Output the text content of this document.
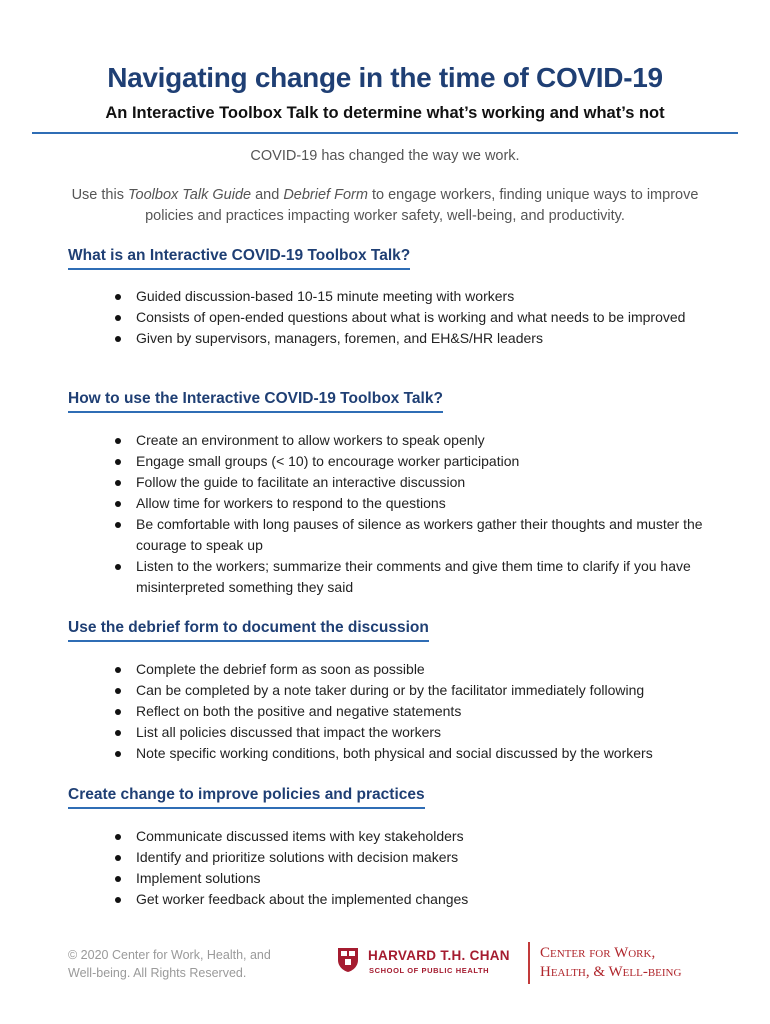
Navigating change in the time of COVID-19
An Interactive Toolbox Talk to determine what’s working and what’s not
COVID-19 has changed the way we work.
Use this Toolbox Talk Guide and Debrief Form to engage workers, finding unique ways to improve policies and practices impacting worker safety, well-being, and productivity.
What is an Interactive COVID-19 Toolbox Talk?
Guided discussion-based 10-15 minute meeting with workers
Consists of open-ended questions about what is working and what needs to be improved
Given by supervisors, managers, foremen, and EH&S/HR leaders
How to use the Interactive COVID-19 Toolbox Talk?
Create an environment to allow workers to speak openly
Engage small groups (< 10) to encourage worker participation
Follow the guide to facilitate an interactive discussion
Allow time for workers to respond to the questions
Be comfortable with long pauses of silence as workers gather their thoughts and muster the courage to speak up
Listen to the workers; summarize their comments and give them time to clarify if you have misinterpreted something they said
Use the debrief form to document the discussion
Complete the debrief form as soon as possible
Can be completed by a note taker during or by the facilitator immediately following
Reflect on both the positive and negative statements
List all policies discussed that impact the workers
Note specific working conditions, both physical and social discussed by the workers
Create change to improve policies and practices
Communicate discussed items with key stakeholders
Identify and prioritize solutions with decision makers
Implement solutions
Get worker feedback about the implemented changes
© 2020 Center for Work, Health, and
Well-being. All Rights Reserved.
HARVARD T.H. CHAN
SCHOOL OF PUBLIC HEALTH
Center for Work,
Health, & Well-being
